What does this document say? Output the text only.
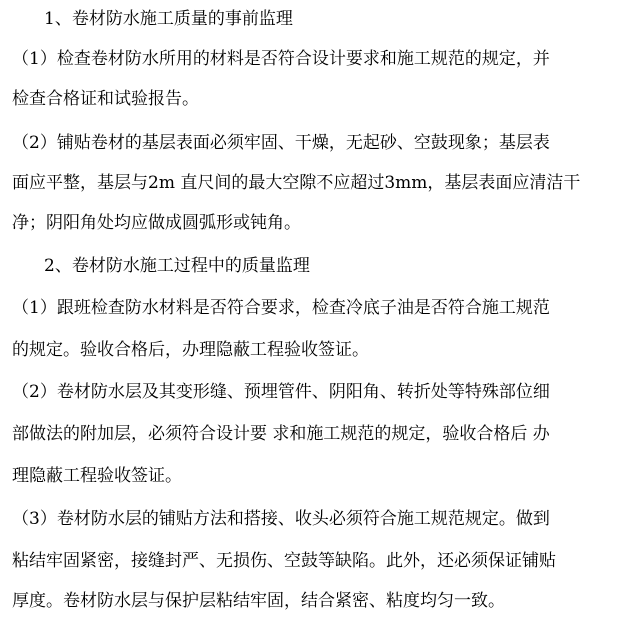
1、卷材防水施工质量的事前监理
（1）检查卷材防水所用的材料是否符合设计要求和施工规范的规定，并
检查合格证和试验报告。
（2）铺贴卷材的基层表面必须牢固、干燥，无起砂、空鼓现象；基层表
面应平整，基层与2m 直尺间的最大空隙不应超过3mm，基层表面应清洁干
净；阴阳角处均应做成圆弧形或钝角。
2、卷材防水施工过程中的质量监理
（1）跟班检查防水材料是否符合要求，检查冷底子油是否符合施工规范
的规定。验收合格后，办理隐蔽工程验收签证。
（2）卷材防水层及其变形缝、预埋管件、阴阳角、转折处等特殊部位细
部做法的附加层，必须符合设计要 求和施工规范的规定，验收合格后 办
理隐蔽工程验收签证。
（3）卷材防水层的铺贴方法和搭接、收头必须符合施工规范规定。做到
粘结牢固紧密，接缝封严、无损伤、空鼓等缺陷。此外，还必须保证铺贴
厚度。卷材防水层与保护层粘结牢固，结合紧密、粘度均匀一致。
